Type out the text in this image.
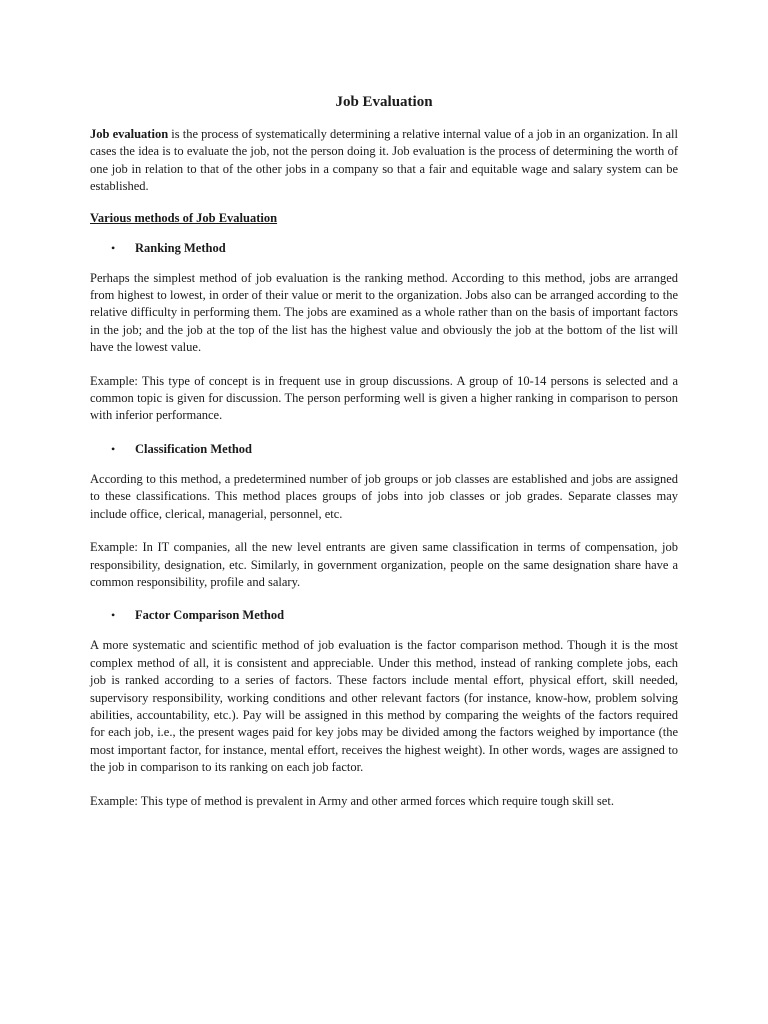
Job Evaluation

Job evaluation is the process of systematically determining a relative internal value of a job in an organization. In all cases the idea is to evaluate the job, not the person doing it. Job evaluation is the process of determining the worth of one job in relation to that of the other jobs in a company so that a fair and equitable wage and salary system can be established.

Various methods of Job Evaluation
•	Ranking Method

Perhaps the simplest method of job evaluation is the ranking method. According to this method, jobs are arranged from highest to lowest, in order of their value or merit to the organization. Jobs also can be arranged according to the relative difficulty in performing them. The jobs are examined as a whole rather than on the basis of important factors in the job; and the job at the top of the list has the highest value and obviously the job at the bottom of the list will have the lowest value.

Example: This type of concept is in frequent use in group discussions. A group of 10-14 persons is selected and a common topic is given for discussion. The person performing well is given a higher ranking in comparison to person with inferior performance.

•	Classification Method

According to this method, a predetermined number of job groups or job classes are established and jobs are assigned to these classifications. This method places groups of jobs into job classes or job grades. Separate classes may include office, clerical, managerial, personnel, etc.

Example: In IT companies, all the new level entrants are given same classification in terms of compensation, job responsibility, designation, etc. Similarly, in government organization, people on the same designation share have a common responsibility, profile and salary.

•	Factor Comparison Method

A more systematic and scientific method of job evaluation is the factor comparison method. Though it is the most complex method of all, it is consistent and appreciable. Under this method, instead of ranking complete jobs, each job is ranked according to a series of factors. These factors include mental effort, physical effort, skill needed, supervisory responsibility, working conditions and other relevant factors (for instance, know-how, problem solving abilities, accountability, etc.). Pay will be assigned in this method by comparing the weights of the factors required for each job, i.e., the present wages paid for key jobs may be divided among the factors weighed by importance (the most important factor, for instance, mental effort, receives the highest weight). In other words, wages are assigned to the job in comparison to its ranking on each job factor.

Example: This type of method is prevalent in Army and other armed forces which require tough skill set.
